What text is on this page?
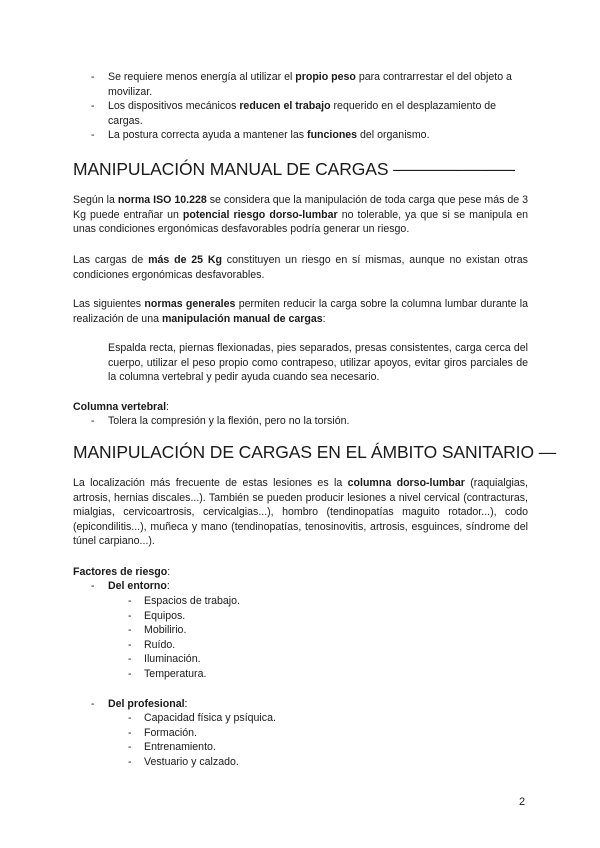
- Se requiere menos energía al utilizar el propio peso para contrarrestar el del objeto a movilizar.
- Los dispositivos mecánicos reducen el trabajo requerido en el desplazamiento de cargas.
- La postura correcta ayuda a mantener las funciones del organismo.
MANIPULACIÓN MANUAL DE CARGAS ———————

Según la norma ISO 10.228 se considera que la manipulación de toda carga que pese más de 3 Kg puede entrañar un potencial riesgo dorso-lumbar no tolerable, ya que si se manipula en unas condiciones ergonómicas desfavorables podría generar un riesgo.

Las cargas de más de 25 Kg constituyen un riesgo en sí mismas, aunque no existan otras condiciones ergonómicas desfavorables.

Las siguientes normas generales permiten reducir la carga sobre la columna lumbar durante la realización de una manipulación manual de cargas:

Espalda recta, piernas flexionadas, pies separados, presas consistentes, carga cerca del cuerpo, utilizar el peso propio como contrapeso, utilizar apoyos, evitar giros parciales de la columna vertebral y pedir ayuda cuando sea necesario.

Columna vertebral:

- Tolera la compresión y la flexión, pero no la torsión.
MANIPULACIÓN DE CARGAS EN EL ÁMBITO SANITARIO —

La localización más frecuente de estas lesiones es la columna dorso-lumbar (raquialgias, artrosis, hernias discales...). También se pueden producir lesiones a nivel cervical (contracturas, mialgias, cervicoartrosis, cervicalgias...), hombro (tendinopatías maguito rotador...), codo (epicondilitis...), muñeca y mano (tendinopatías, tenosinovitis, artrosis, esguinces, síndrome del túnel carpiano...).

Factores de riesgo:

- Del entorno:
- Espacios de trabajo.
- Equipos.
- Mobilirio.
- Ruído.
- Iluminación.
- Temperatura.
- Del profesional:
- Capacidad física y psíquica.
- Formación.
- Entrenamiento.
- Vestuario y calzado.
2
